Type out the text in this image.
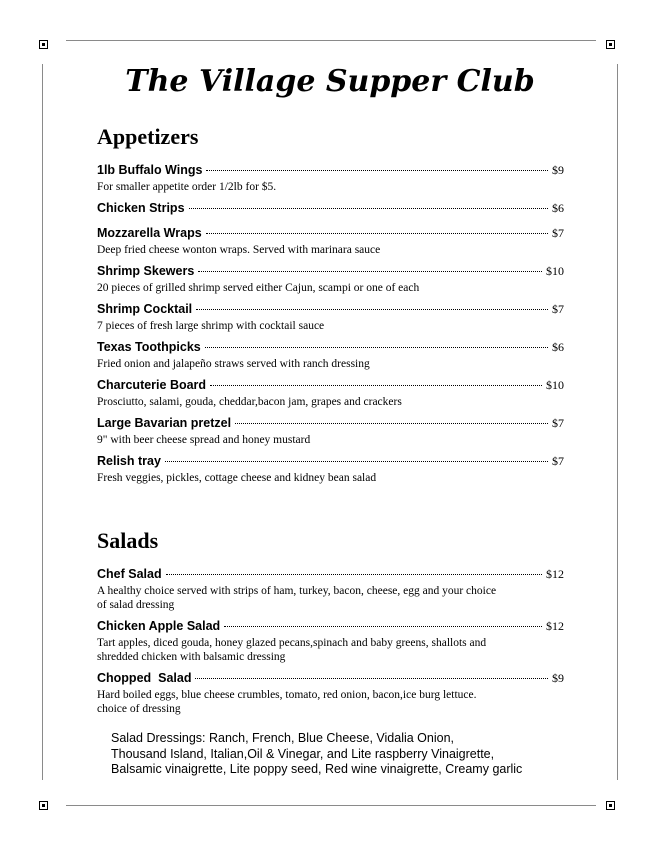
The Village Supper Club
Appetizers
1lb Buffalo Wings	$9
For smaller appetite order 1/2lb for $5.
Chicken Strips	$6
Mozzarella Wraps	$7
Deep fried cheese wonton wraps. Served with marinara sauce
Shrimp Skewers	$10
20 pieces of grilled shrimp served either Cajun, scampi or one of each
Shrimp Cocktail	$7
7 pieces of fresh large shrimp with cocktail sauce
Texas Toothpicks	$6
Fried onion and jalapeño straws served with ranch dressing
Charcuterie Board	$10
Prosciutto, salami, gouda, cheddar,bacon jam, grapes and crackers
Large Bavarian pretzel	$7
9" with beer cheese spread and honey mustard
Relish tray	$7
Fresh veggies, pickles, cottage cheese and kidney bean salad
Salads
Chef Salad	$12
A healthy choice served with strips of ham, turkey, bacon, cheese, egg and your choice
of salad dressing
Chicken Apple Salad	$12
Tart apples, diced gouda, honey glazed pecans,spinach and baby greens, shallots and
shredded chicken with balsamic dressing
Chopped  Salad	$9
Hard boiled eggs, blue cheese crumbles, tomato, red onion, bacon,ice burg lettuce.
choice of dressing
Salad Dressings: Ranch, French, Blue Cheese, Vidalia Onion,
Thousand Island, Italian,Oil & Vinegar, and Lite raspberry Vinaigrette,
Balsamic vinaigrette, Lite poppy seed, Red wine vinaigrette, Creamy garlic
